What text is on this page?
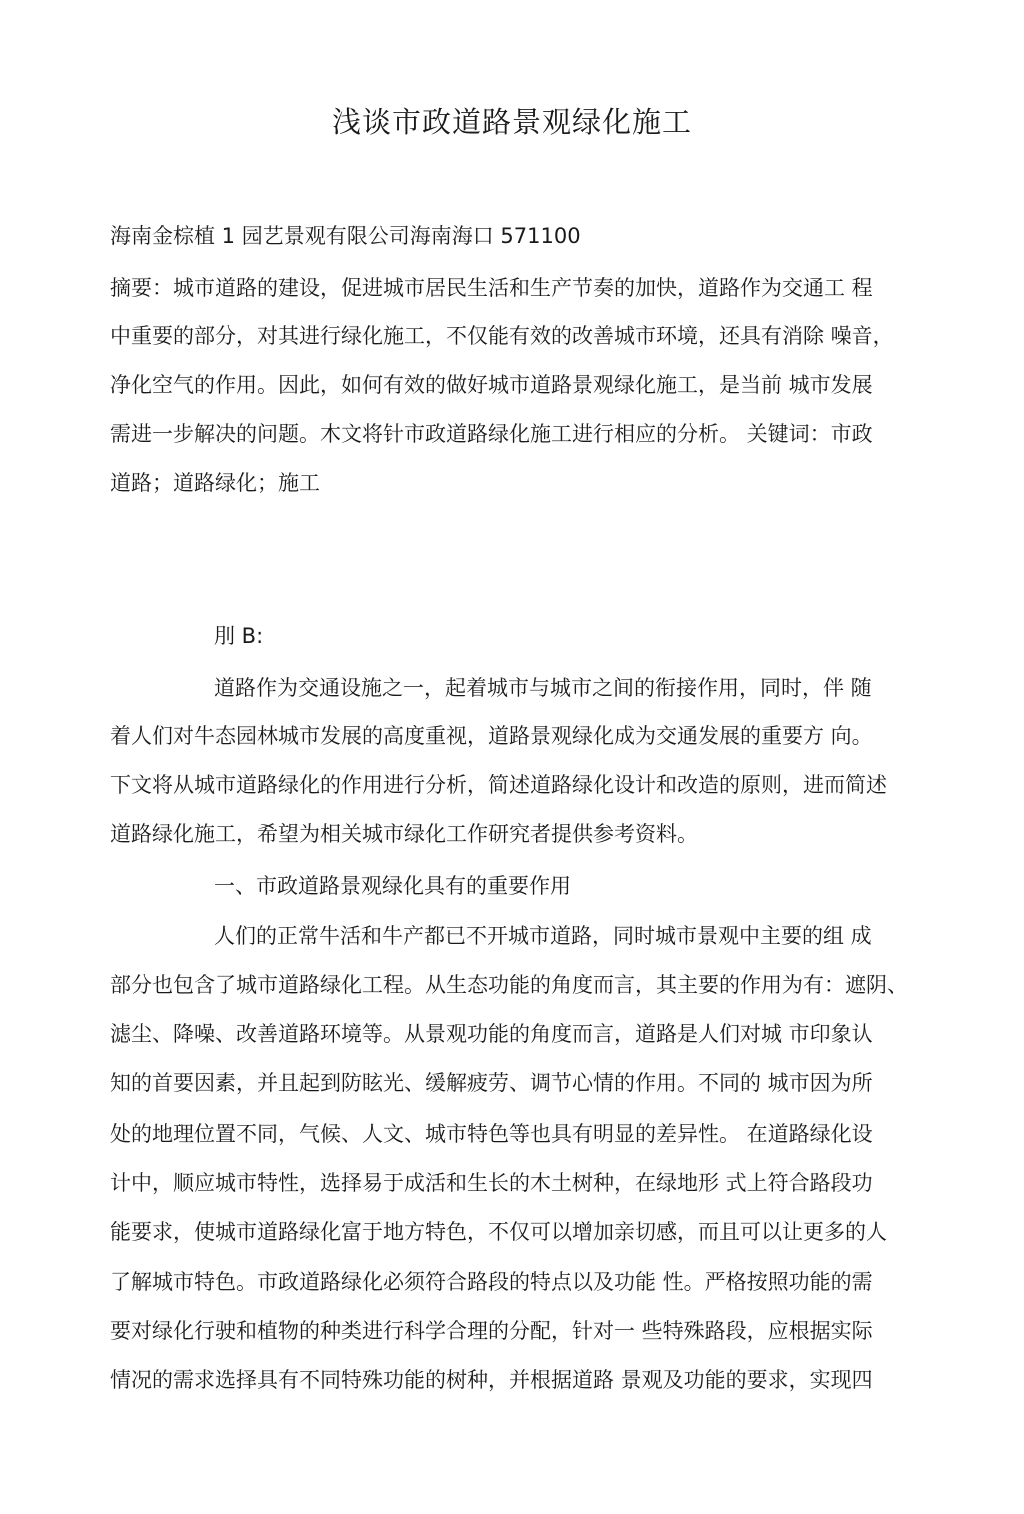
浅谈市政道路景观绿化施工
海南金棕植 1 园艺景观有限公司海南海口 571100
摘要：城市道路的建设，促进城市居民生活和生产节奏的加快，道路作为交通工 程
中重要的部分，对其进行绿化施工，不仅能有效的改善城市环境，还具有消除 噪音，
净化空气的作用。因此，如何有效的做好城市道路景观绿化施工，是当前 城市发展
需进一步解决的问题。木文将针市政道路绿化施工进行相应的分析。 关键词：市政
道路；道路绿化；施工
刖 B:
道路作为交通设施之一，起着城市与城市之间的衔接作用，同时，伴 随
着人们对牛态园林城市发展的高度重视，道路景观绿化成为交通发展的重要方 向。
下文将从城市道路绿化的作用进行分析，简述道路绿化设计和改造的原则，进而简述
道路绿化施工，希望为相关城市绿化工作研究者提供参考资料。
一、市政道路景观绿化具有的重要作用
人们的正常牛活和牛产都已不开城市道路，同时城市景观中主要的组 成
部分也包含了城市道路绿化工程。从生态功能的角度而言，其主要的作用为有：遮阴、
滤尘、降噪、改善道路环境等。从景观功能的角度而言，道路是人们对城 市印象认
知的首要因素，并且起到防眩光、缓解疲劳、调节心情的作用。不同的 城市因为所
处的地理位置不同，气候、人文、城市特色等也具有明显的差异性。 在道路绿化设
计中，顺应城市特性，选择易于成活和生长的木土树种，在绿地形 式上符合路段功
能要求，使城市道路绿化富于地方特色，不仅可以增加亲切感，而且可以让更多的人
了解城市特色。市政道路绿化必须符合路段的特点以及功能 性。严格按照功能的需
要对绿化行驶和植物的种类进行科学合理的分配，针对一 些特殊路段，应根据实际
情况的需求选择具有不同特殊功能的树种，并根据道路 景观及功能的要求，实现四
